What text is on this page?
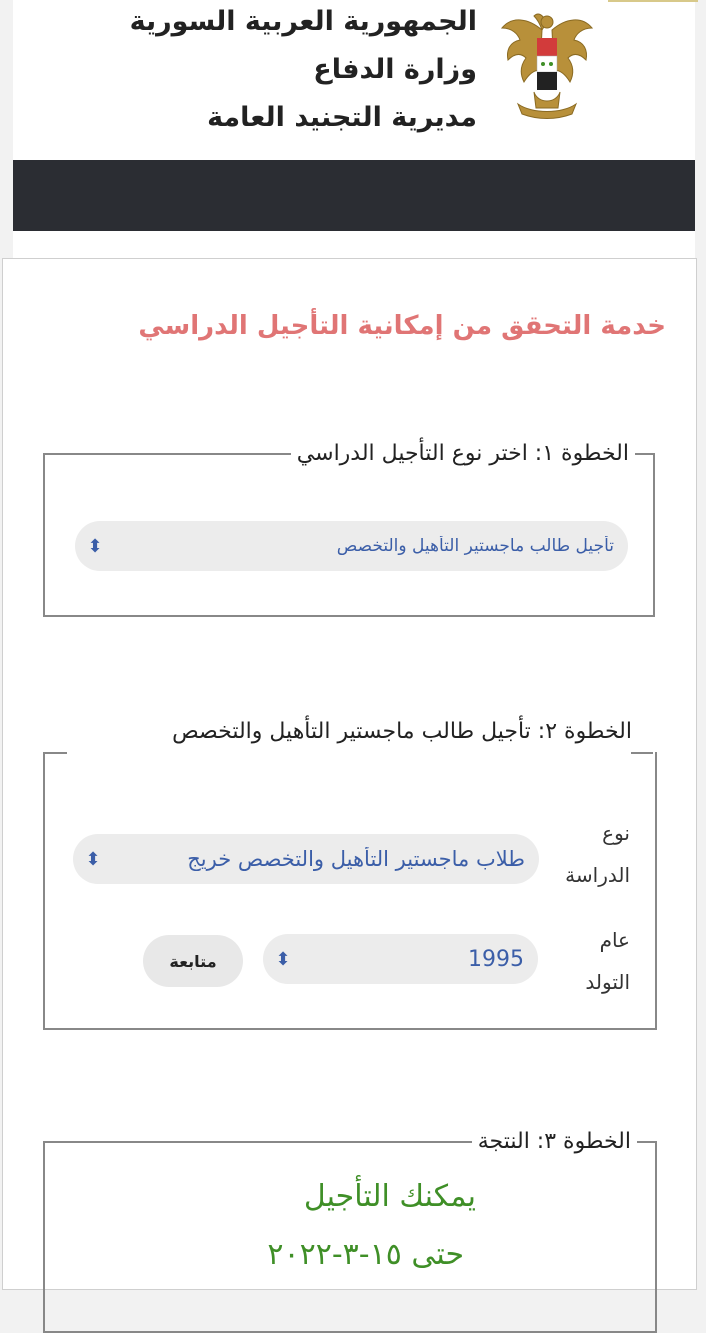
الجمهورية العربية السورية
وزارة الدفاع
مديرية التجنيد العامة
خدمة التحقق من إمكانية التأجيل الدراسي
الخطوة ١: اختر نوع التأجيل الدراسي
تأجيل طالب ماجستير التأهيل والتخصص
⬍
الخطوة ٢: تأجيل طالب ماجستير التأهيل والتخصص
نوع الدراسة
طلاب ماجستير التأهيل والتخصص خريج
⬍
عام التولد
1995
⬍
متابعة
الخطوة ٣: النتجة
يمكنك التأجيل
حتى ١٥-٣-٢٠٢٢
